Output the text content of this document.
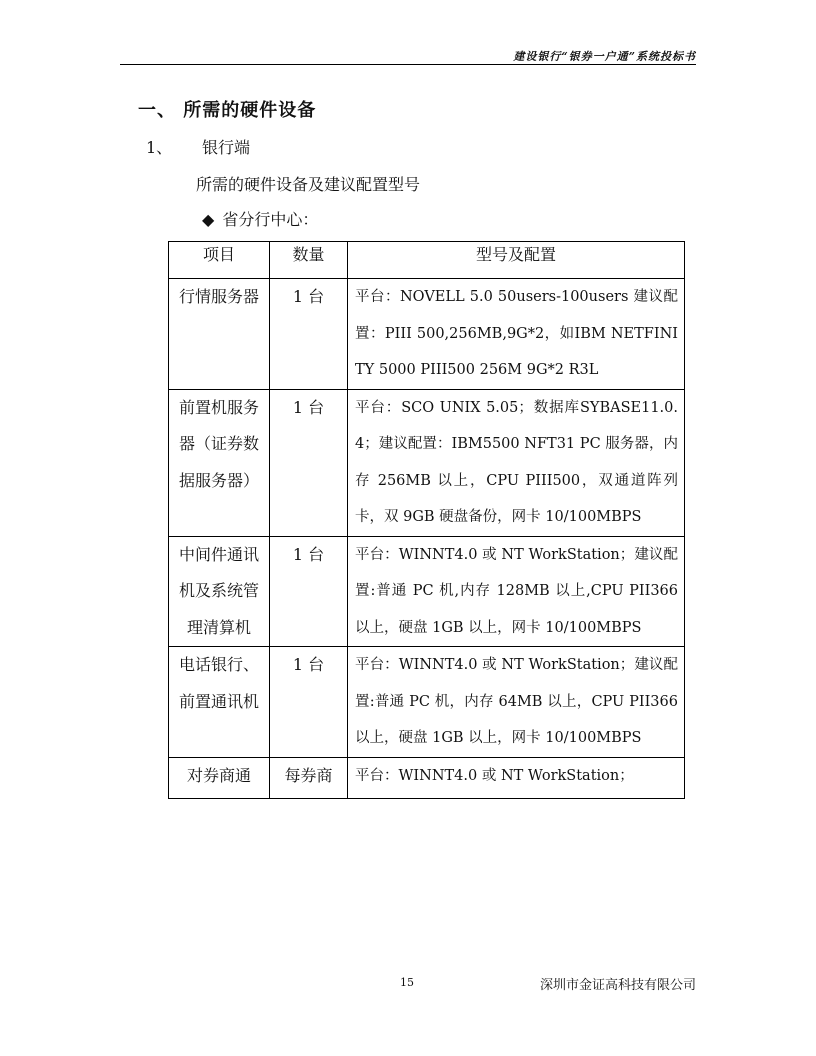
建设银行“银券一户通”系统投标书
一、 所需的硬件设备
1、 银行端
所需的硬件设备及建议配置型号
◆ 省分行中心：
项目	数量	型号及配置
行情服务器	1 台	平台：NOVELL 5.0 50users-100users 建议配置：PIII 500,256MB,9G*2，如IBM NETFINITY 5000 PIII500 256M 9G*2 R3L
前置机服务器（证券数据服务器）	1 台	平台：SCO UNIX 5.05；数据库SYBASE11.0.4；建议配置：IBM5500 NFT31 PC 服务器，内存 256MB 以上，CPU PIII500，双通道阵列卡，双 9GB 硬盘备份，网卡 10/100MBPS
中间件通讯机及系统管理清算机	1 台	平台：WINNT4.0 或 NT WorkStation；建议配置:普通 PC 机,内存 128MB 以上,CPU PII366 以上，硬盘 1GB 以上，网卡 10/100MBPS
电话银行、前置通讯机	1 台	平台：WINNT4.0 或 NT WorkStation；建议配置:普通 PC 机，内存 64MB 以上，CPU PII366 以上，硬盘 1GB 以上，网卡 10/100MBPS
对券商通	每券商	平台：WINNT4.0 或 NT WorkStation；
15	深圳市金证高科技有限公司
